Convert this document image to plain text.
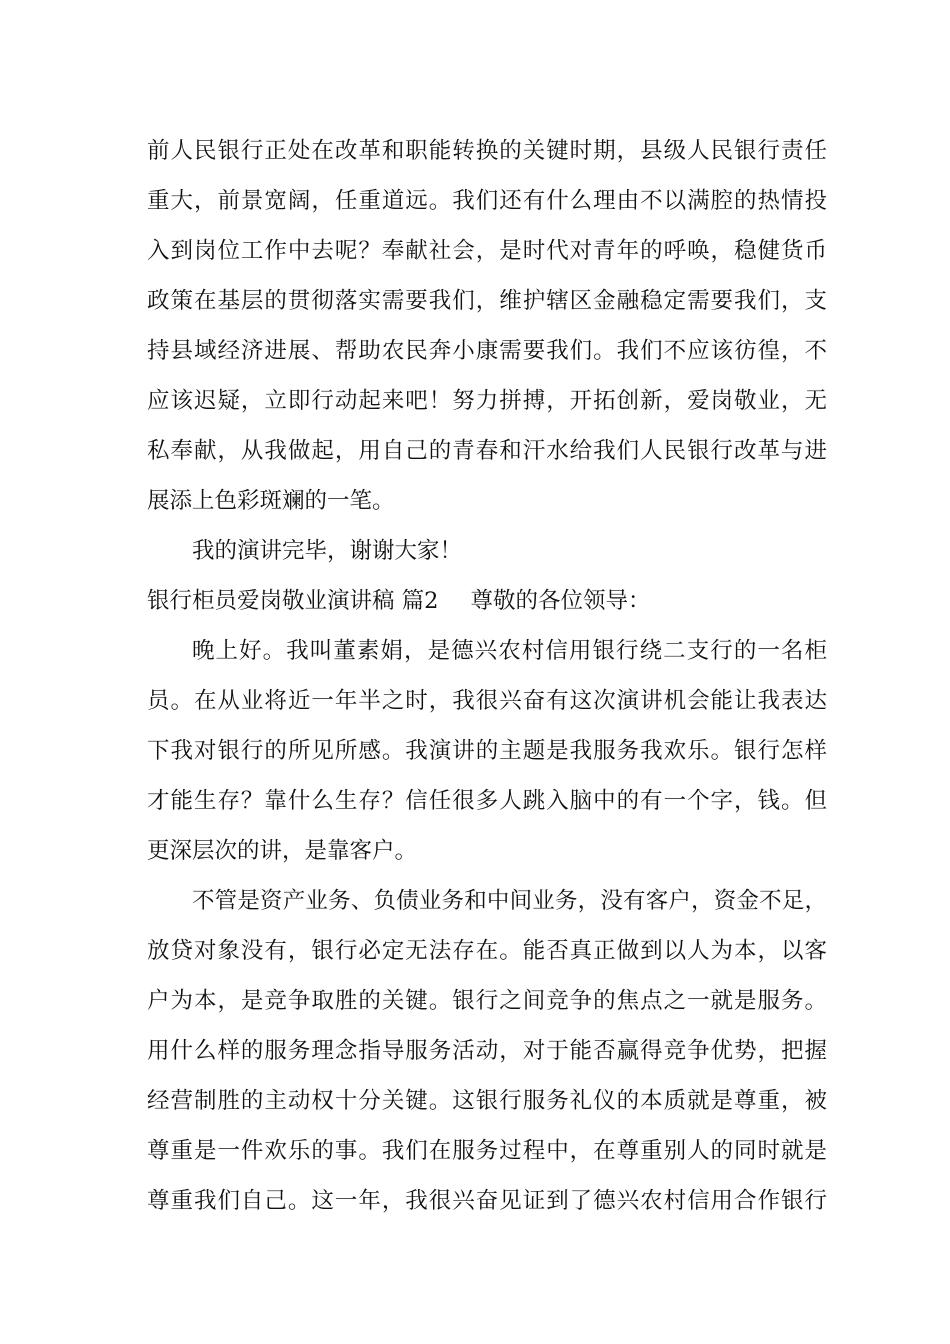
前人民银行正处在改革和职能转换的关键时期，县级人民银行责任
重大，前景宽阔，任重道远。我们还有什么理由不以满腔的热情投
入到岗位工作中去呢？奉献社会，是时代对青年的呼唤，稳健货币
政策在基层的贯彻落实需要我们，维护辖区金融稳定需要我们，支
持县域经济进展、帮助农民奔小康需要我们。我们不应该彷徨，不
应该迟疑，立即行动起来吧！努力拼搏，开拓创新，爱岗敬业，无
私奉献，从我做起，用自己的青春和汗水给我们人民银行改革与进
展添上色彩斑斓的一笔。
我的演讲完毕，谢谢大家！
银行柜员爱岗敬业演讲稿 篇2 尊敬的各位领导：
晚上好。我叫董素娟，是德兴农村信用银行绕二支行的一名柜
员。在从业将近一年半之时，我很兴奋有这次演讲机会能让我表达
下我对银行的所见所感。我演讲的主题是我服务我欢乐。银行怎样
才能生存？靠什么生存？信任很多人跳入脑中的有一个字，钱。但
更深层次的讲，是靠客户。
不管是资产业务、负债业务和中间业务，没有客户，资金不足，
放贷对象没有，银行必定无法存在。能否真正做到以人为本，以客
户为本，是竞争取胜的关键。银行之间竞争的焦点之一就是服务。
用什么样的服务理念指导服务活动，对于能否赢得竞争优势，把握
经营制胜的主动权十分关键。这银行服务礼仪的本质就是尊重，被
尊重是一件欢乐的事。我们在服务过程中，在尊重别人的同时就是
尊重我们自己。这一年，我很兴奋见证到了德兴农村信用合作银行
